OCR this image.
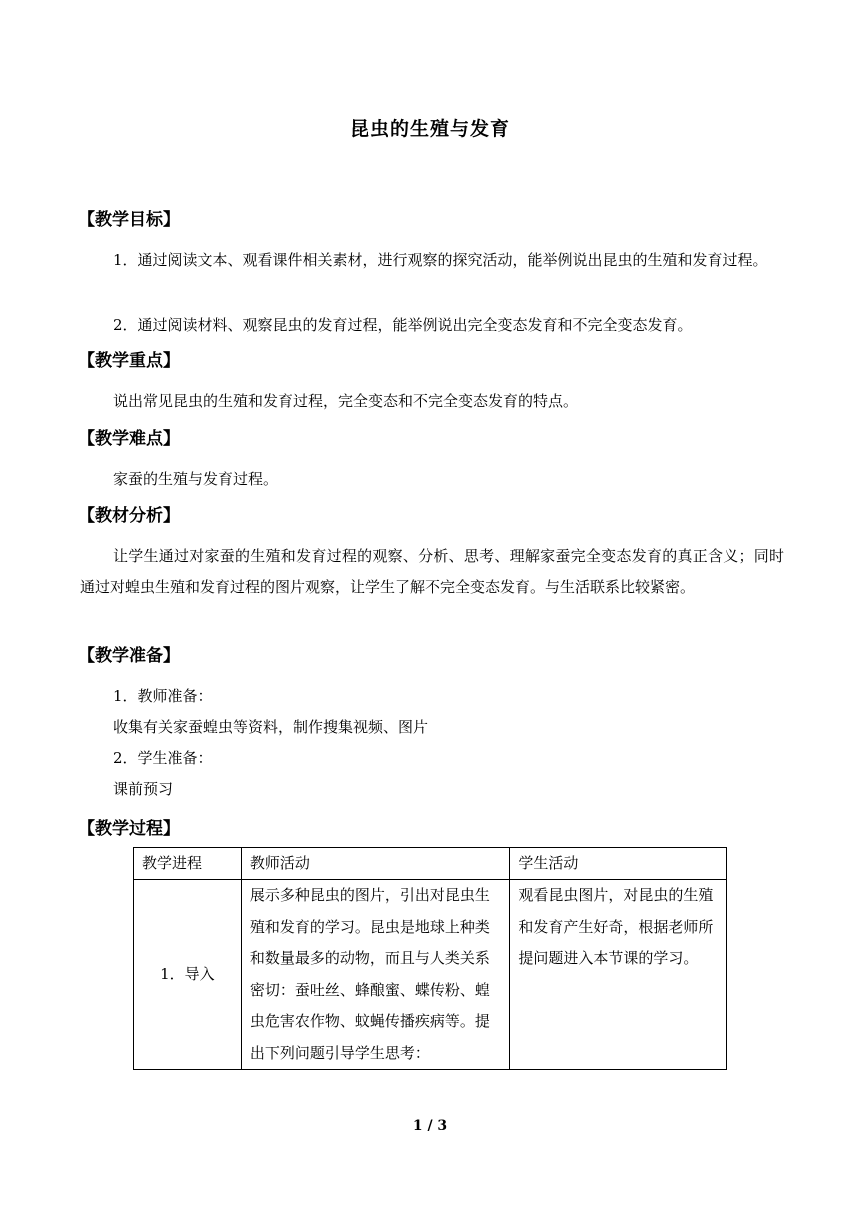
昆虫的生殖与发育
【教学目标】
1．通过阅读文本、观看课件相关素材，进行观察的探究活动，能举例说出昆虫的生殖和发育过程。
2．通过阅读材料、观察昆虫的发育过程，能举例说出完全变态发育和不完全变态发育。
【教学重点】
说出常见昆虫的生殖和发育过程，完全变态和不完全变态发育的特点。
【教学难点】
家蚕的生殖与发育过程。
【教材分析】
让学生通过对家蚕的生殖和发育过程的观察、分析、思考、理解家蚕完全变态发育的真正含义；同时通过对蝗虫生殖和发育过程的图片观察，让学生了解不完全变态发育。与生活联系比较紧密。
【教学准备】
1．教师准备：
收集有关家蚕蝗虫等资料，制作搜集视频、图片
2．学生准备：
课前预习
【教学过程】
教学进程	教师活动	学生活动
1．导入	展示多种昆虫的图片，引出对昆虫生殖和发育的学习。昆虫是地球上种类和数量最多的动物，而且与人类关系密切：蚕吐丝、蜂酿蜜、蝶传粉、蝗虫危害农作物、蚊蝇传播疾病等。提出下列问题引导学生思考：	观看昆虫图片，对昆虫的生殖和发育产生好奇，根据老师所提问题进入本节课的学习。
1 / 3
